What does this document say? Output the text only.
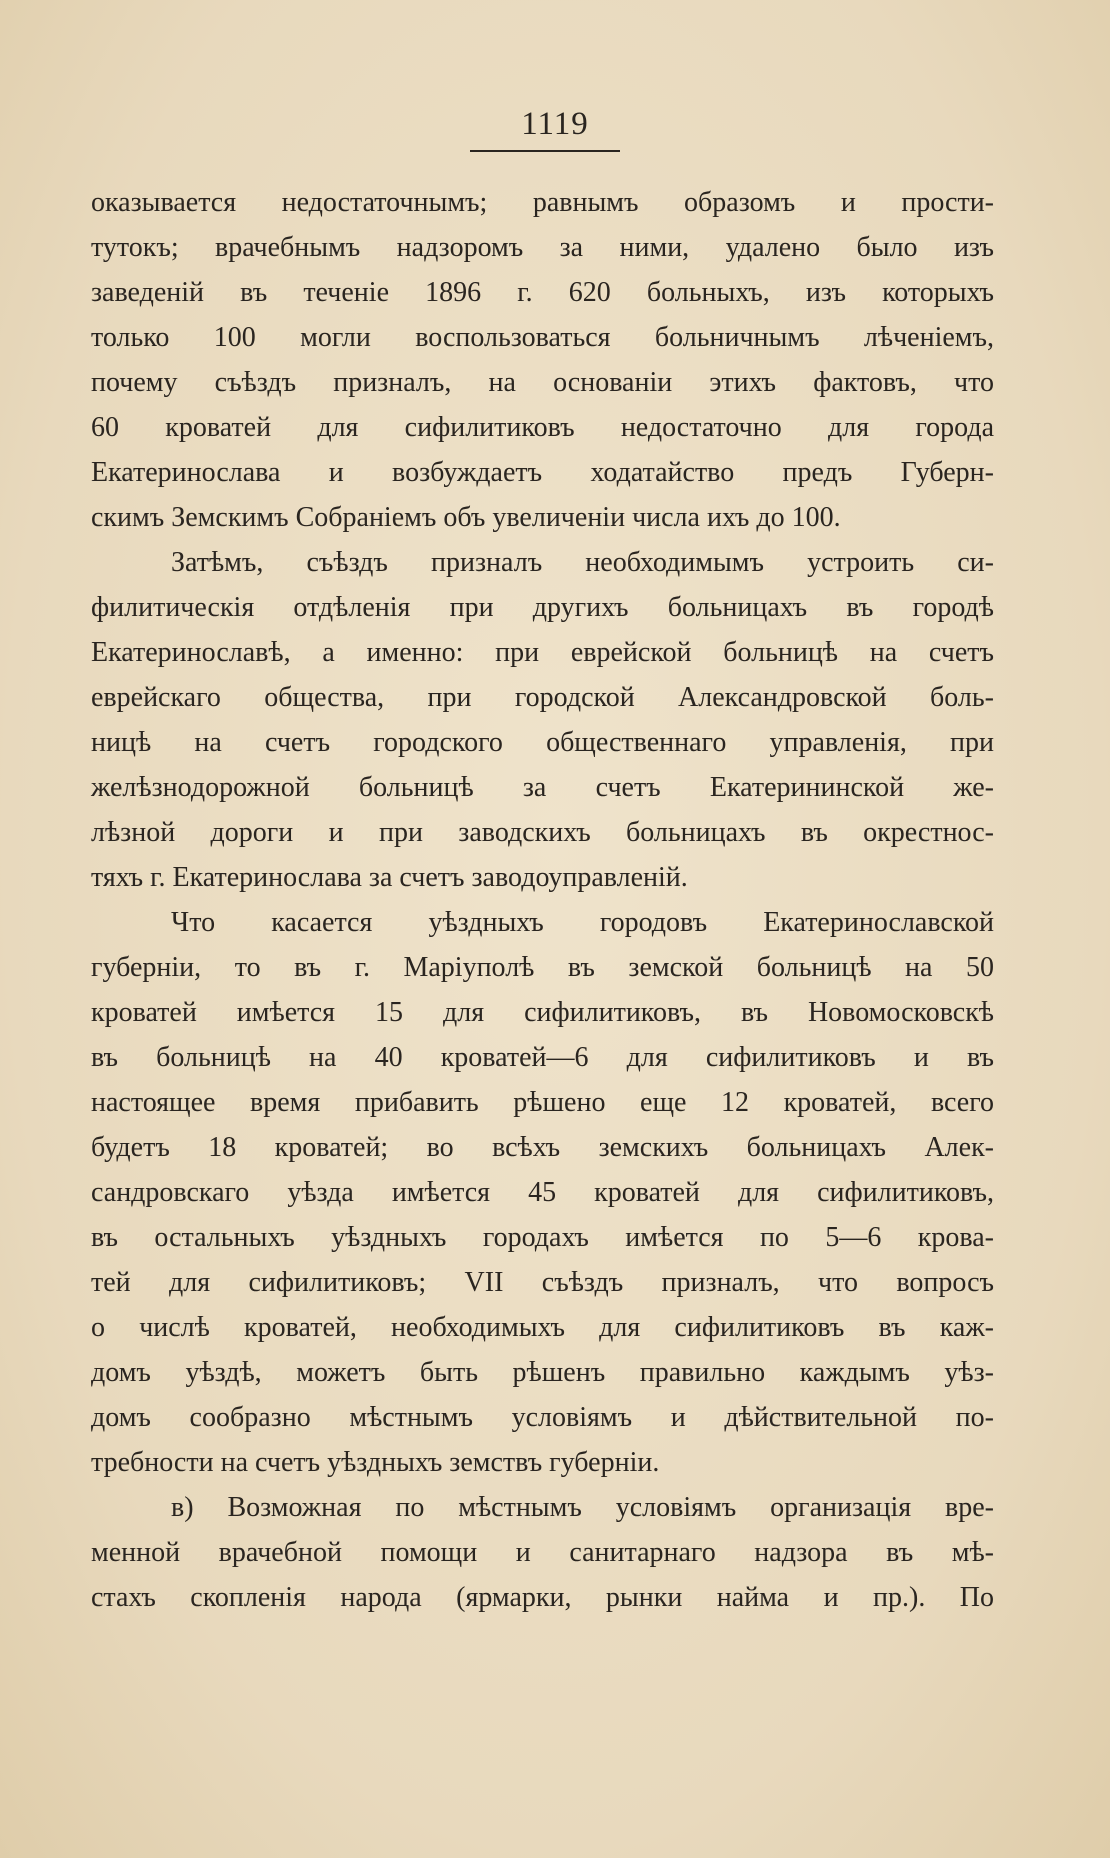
1119
оказывается недостаточнымъ; равнымъ образомъ и прости-
тутокъ; врачебнымъ надзоромъ за ними, удалено было изъ
заведеній въ теченіе 1896 г. 620 больныхъ, изъ которыхъ
только 100 могли воспользоваться больничнымъ лѣченіемъ,
почему съѣздъ призналъ, на основаніи этихъ фактовъ, что
60 кроватей для сифилитиковъ недостаточно для города
Екатеринослава и возбуждаетъ ходатайство предъ Губерн-
скимъ Земскимъ Собраніемъ объ увеличеніи числа ихъ до 100.
Затѣмъ, съѣздъ призналъ необходимымъ устроить си-
филитическія отдѣленія при другихъ больницахъ въ городѣ
Екатеринославѣ, а именно: при еврейской больницѣ на счетъ
еврейскаго общества, при городской Александровской боль-
ницѣ на счетъ городского общественнаго управленія, при
желѣзнодорожной больницѣ за счетъ Екатерининской же-
лѣзной дороги и при заводскихъ больницахъ въ окрестнос-
тяхъ г. Екатеринослава за счетъ заводоуправленій.
Что касается уѣздныхъ городовъ Екатеринославской
губерніи, то въ г. Маріуполѣ въ земской больницѣ на 50
кроватей имѣется 15 для сифилитиковъ, въ Новомосковскѣ
въ больницѣ на 40 кроватей—6 для сифилитиковъ и въ
настоящее время прибавить рѣшено еще 12 кроватей, всего
будетъ 18 кроватей; во всѣхъ земскихъ больницахъ Алек-
сандровскаго уѣзда имѣется 45 кроватей для сифилитиковъ,
въ остальныхъ уѣздныхъ городахъ имѣется по 5—6 крова-
тей для сифилитиковъ; VII съѣздъ призналъ, что вопросъ
о числѣ кроватей, необходимыхъ для сифилитиковъ въ каж-
домъ уѣздѣ, можетъ быть рѣшенъ правильно каждымъ уѣз-
домъ сообразно мѣстнымъ условіямъ и дѣйствительной по-
требности на счетъ уѣздныхъ земствъ губерніи.
в) Возможная по мѣстнымъ условіямъ организація вре-
менной врачебной помощи и санитарнаго надзора въ мѣ-
стахъ скопленія народа (ярмарки, рынки найма и пр.). По
